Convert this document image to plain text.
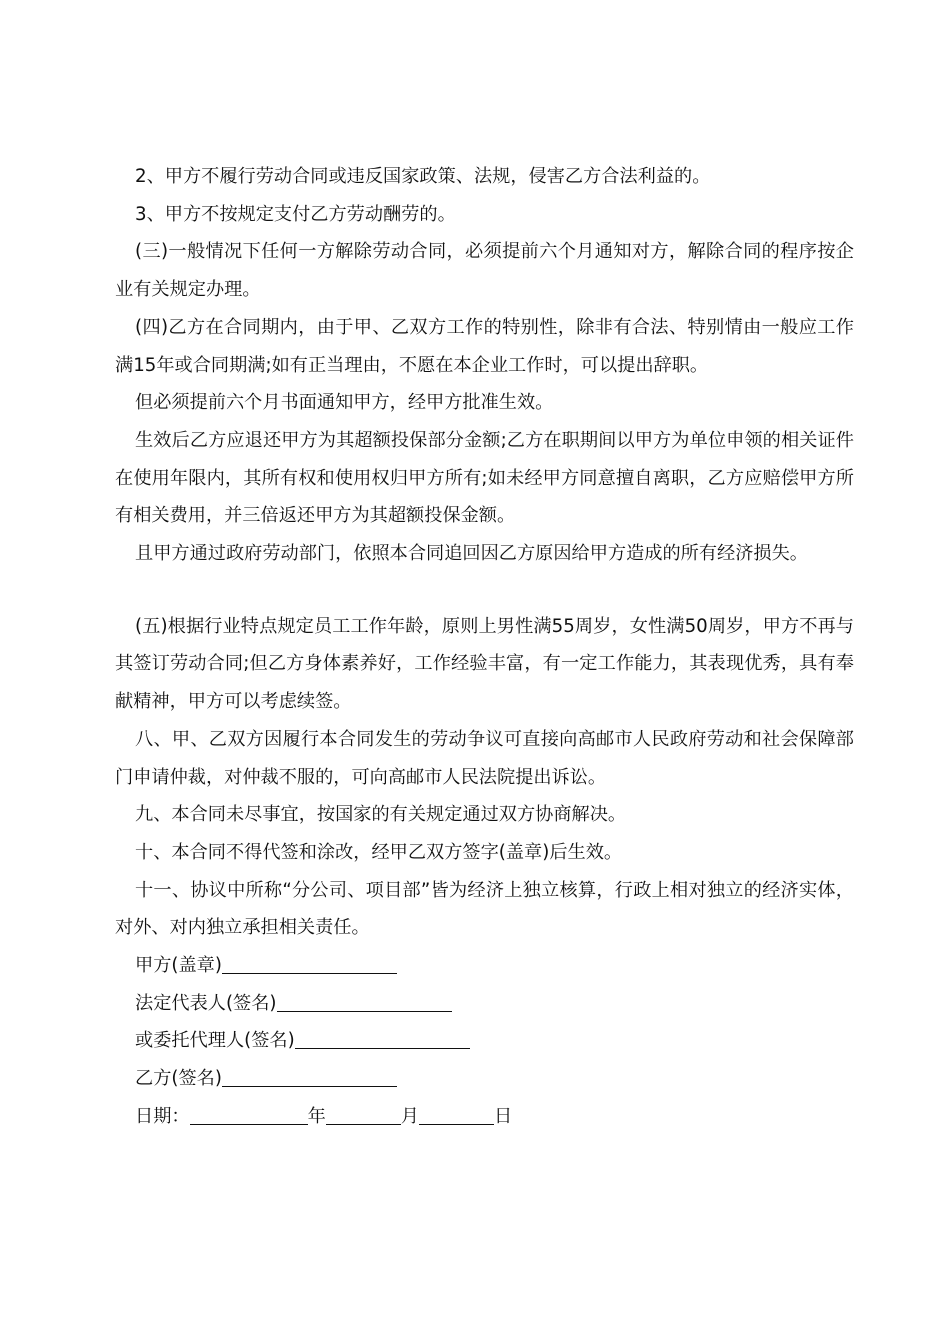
2、甲方不履行劳动合同或违反国家政策、法规，侵害乙方合法利益的。

3、甲方不按规定支付乙方劳动酬劳的。

(三)一般情况下任何一方解除劳动合同，必须提前六个月通知对方，解除合同的程序按企业有关规定办理。

(四)乙方在合同期内，由于甲、乙双方工作的特别性，除非有合法、特别情由一般应工作满15年或合同期满;如有正当理由，不愿在本企业工作时，可以提出辞职。

但必须提前六个月书面通知甲方，经甲方批准生效。

生效后乙方应退还甲方为其超额投保部分金额;乙方在职期间以甲方为单位申领的相关证件在使用年限内，其所有权和使用权归甲方所有;如未经甲方同意擅自离职，乙方应赔偿甲方所有相关费用，并三倍返还甲方为其超额投保金额。

且甲方通过政府劳动部门，依照本合同追回因乙方原因给甲方造成的所有经济损失。

(五)根据行业特点规定员工工作年龄，原则上男性满55周岁，女性满50周岁，甲方不再与其签订劳动合同;但乙方身体素养好，工作经验丰富，有一定工作能力，其表现优秀，具有奉献精神，甲方可以考虑续签。

八、甲、乙双方因履行本合同发生的劳动争议可直接向高邮市人民政府劳动和社会保障部门申请仲裁，对仲裁不服的，可向高邮市人民法院提出诉讼。

九、本合同未尽事宜，按国家的有关规定通过双方协商解决。

十、本合同不得代签和涂改，经甲乙双方签字(盖章)后生效。

十一、协议中所称“分公司、项目部”皆为经济上独立核算，行政上相对独立的经济实体，对外、对内独立承担相关责任。

甲方(盖章)

法定代表人(签名)

或委托代理人(签名)

乙方(签名)

日期：	年	月	日
